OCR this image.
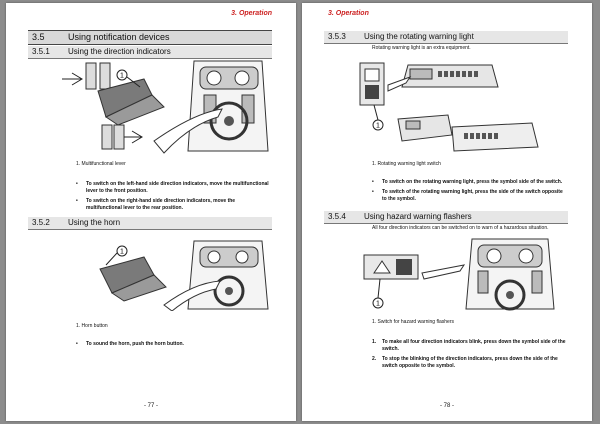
3. Operation
3.5	Using notification devices
3.5.1 Using the direction indicators
1
1. Multifunctional lever
• To switch on the left-hand side direction indicators, move the multifunctional lever to the front position.
• To switch on the right-hand side direction indicators, move the multifunctional lever to the rear position.
3.5.2 Using the horn
1
1. Horn button
• To sound the horn, push the horn button.
- 77 -
3. Operation
3.5.3 Using the rotating warning light
Rotating warning light is an extra equipment.
1
1. Rotating warning light switch
• To switch on the rotating warning light, press the symbol side of the switch.
• To switch of the rotating warning light, press the side of the switch opposite to the symbol.
3.5.4 Using hazard warning flashers
All four direction indicators can be switched on to warn of a hazardous situation.
1
1. Switch for hazard warning flashers
1. To make all four direction indicators blink, press down the symbol side of the switch.
2. To stop the blinking of the direction indicators, press down the side of the switch opposite to the symbol.
- 78 -
